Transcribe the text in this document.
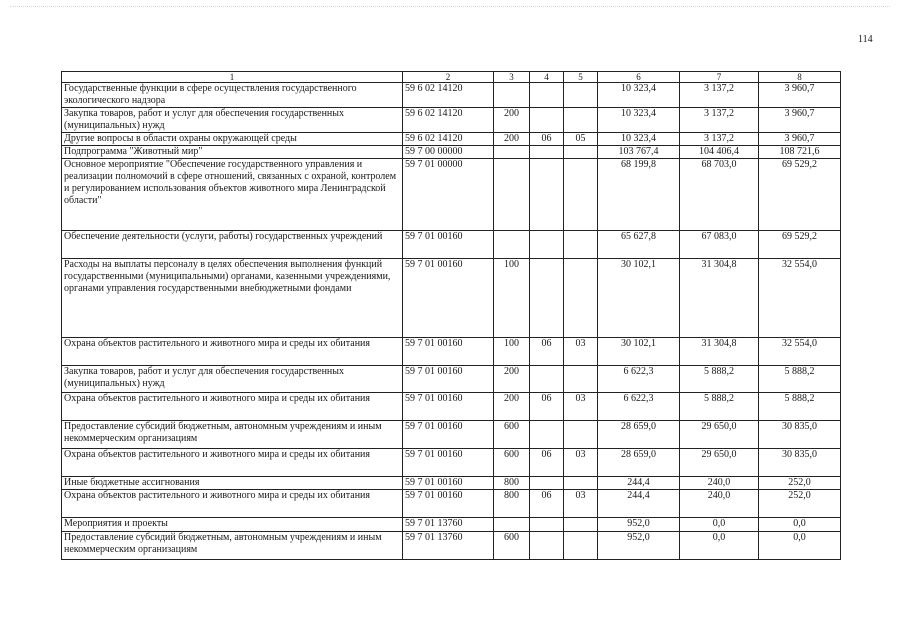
114
1	2	3	4	5	6	7	8
Государственные функции в сфере осуществления государственного экологического надзора	59 6 02 14120				10 323,4	3 137,2	3 960,7
Закупка товаров, работ и услуг для обеспечения государственных (муниципальных) нужд	59 6 02 14120	200			10 323,4	3 137,2	3 960,7
Другие вопросы в области охраны окружающей среды	59 6 02 14120	200	06	05	10 323,4	3 137,2	3 960,7
Подпрограмма "Животный мир"	59 7 00 00000				103 767,4	104 406,4	108 721,6
Основное мероприятие "Обеспечение государственного управления и реализации полномочий в сфере отношений, связанных с охраной, контролем и регулированием использования объектов животного мира Ленинградской области"	59 7 01 00000				68 199,8	68 703,0	69 529,2
Обеспечение деятельности (услуги, работы) государственных учреждений	59 7 01 00160				65 627,8	67 083,0	69 529,2
Расходы на выплаты персоналу в целях обеспечения выполнения функций государственными (муниципальными) органами, казенными учреждениями, органами управления государственными внебюджетными фондами	59 7 01 00160	100			30 102,1	31 304,8	32 554,0
Охрана объектов растительного и животного мира и среды их обитания	59 7 01 00160	100	06	03	30 102,1	31 304,8	32 554,0
Закупка товаров, работ и услуг для обеспечения государственных (муниципальных) нужд	59 7 01 00160	200			6 622,3	5 888,2	5 888,2
Охрана объектов растительного и животного мира и среды их обитания	59 7 01 00160	200	06	03	6 622,3	5 888,2	5 888,2
Предоставление субсидий бюджетным, автономным учреждениям и иным некоммерческим организациям	59 7 01 00160	600			28 659,0	29 650,0	30 835,0
Охрана объектов растительного и животного мира и среды их обитания	59 7 01 00160	600	06	03	28 659,0	29 650,0	30 835,0
Иные бюджетные ассигнования	59 7 01 00160	800			244,4	240,0	252,0
Охрана объектов растительного и животного мира и среды их обитания	59 7 01 00160	800	06	03	244,4	240,0	252,0
Мероприятия и проекты	59 7 01 13760				952,0	0,0	0,0
Предоставление субсидий бюджетным, автономным учреждениям и иным некоммерческим организациям	59 7 01 13760	600			952,0	0,0	0,0
